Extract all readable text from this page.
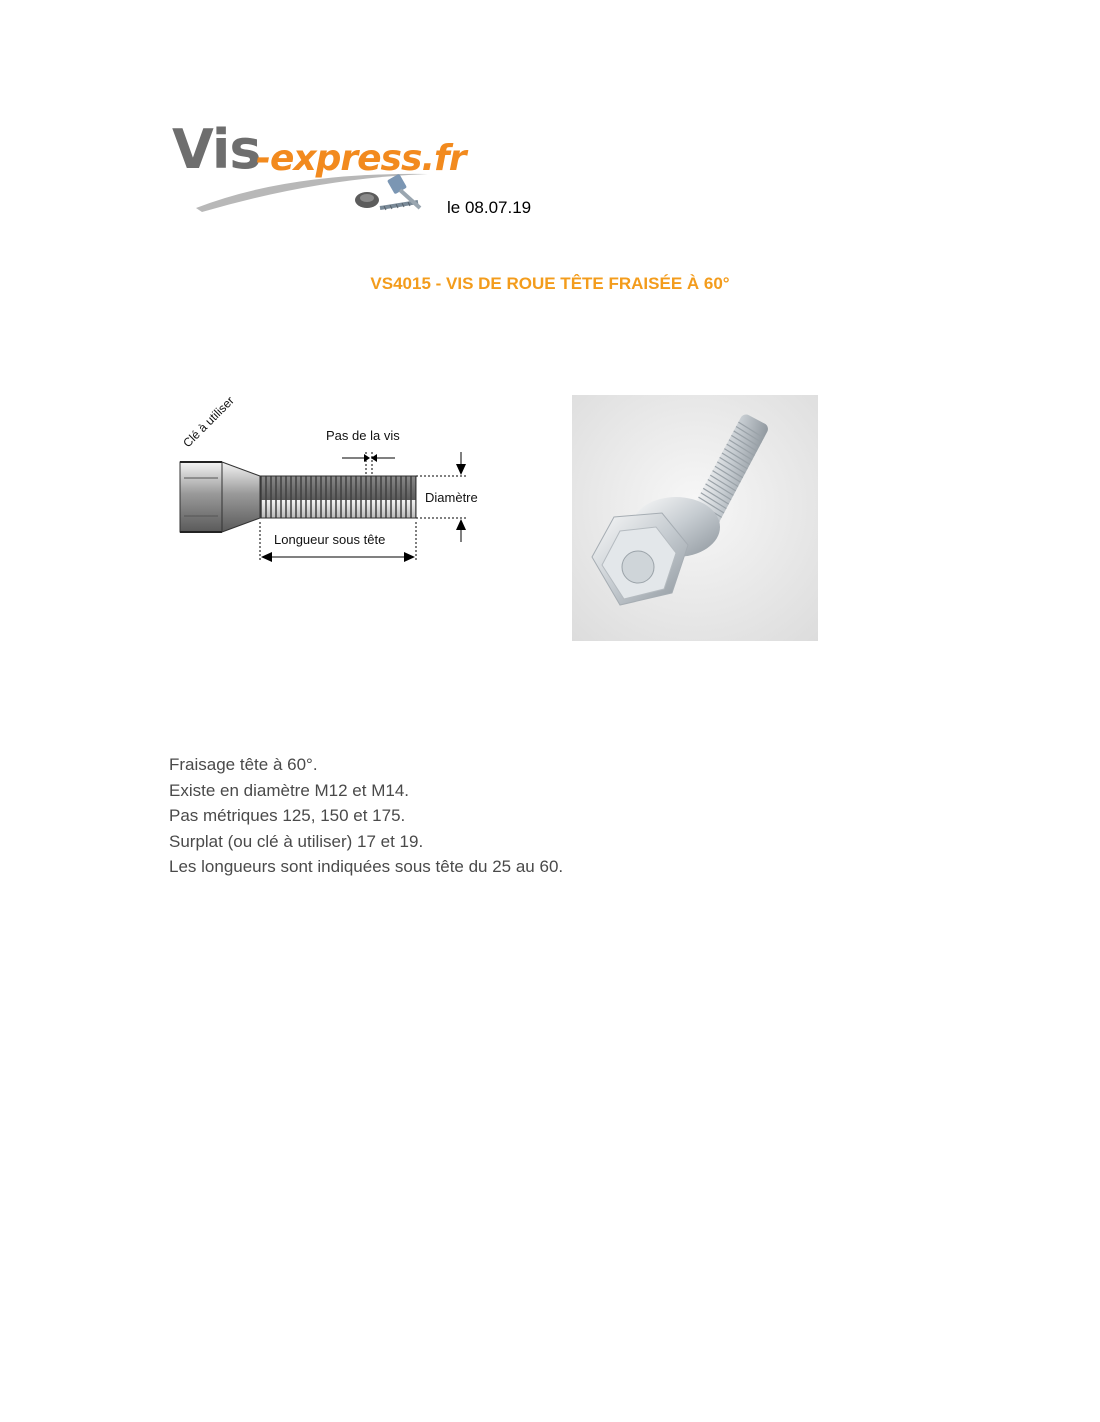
Vis
-express.fr
le 08.07.19
VS4015 - VIS DE ROUE TÊTE FRAISÉE À 60°
Clé à utiliser	Pas de la vis
Diamètre
Longueur sous tête
Fraisage tête à 60°.
Existe en diamètre M12 et M14.
Pas métriques 125, 150 et 175.
Surplat (ou clé à utiliser) 17 et 19.
Les longueurs sont indiquées sous tête du 25 au 60.
